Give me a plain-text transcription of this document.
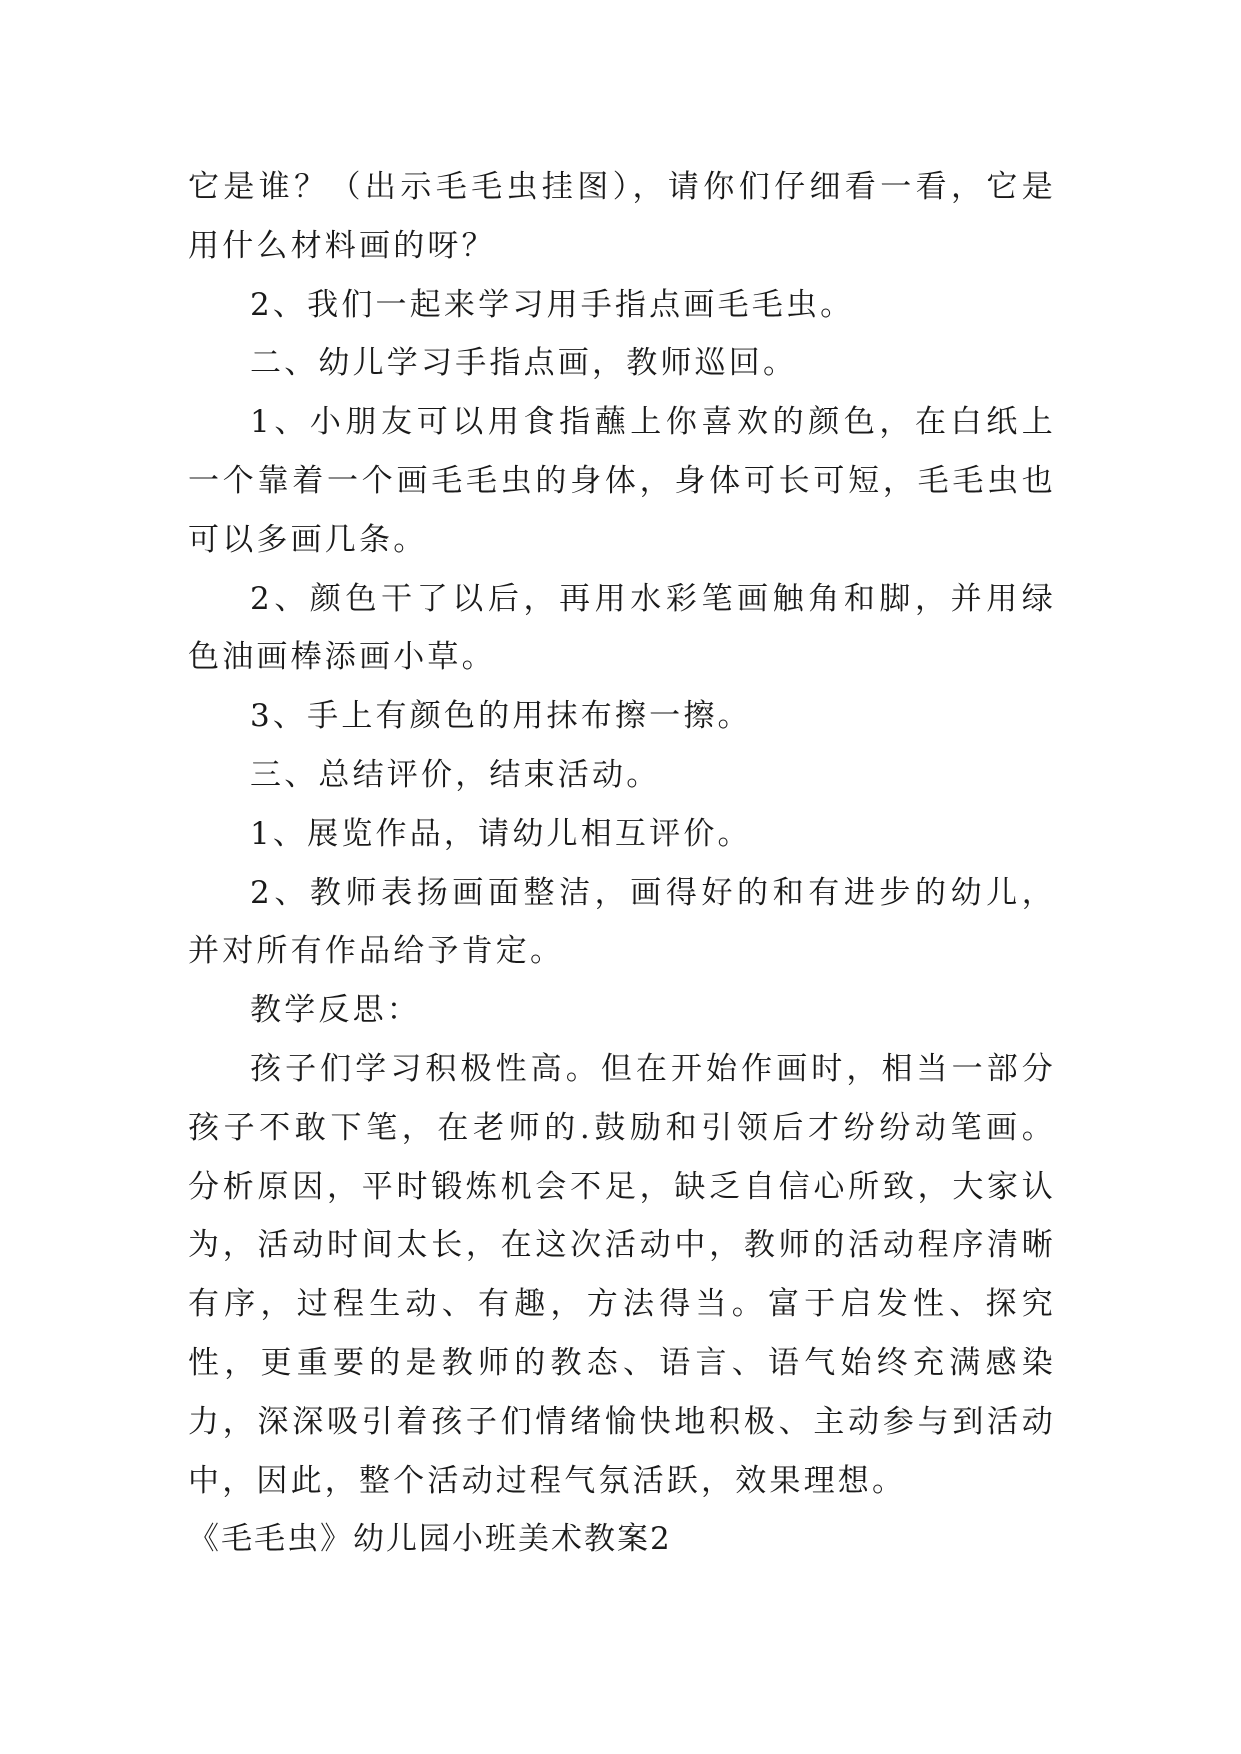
它是谁？（出示毛毛虫挂图），请你们仔细看一看，它是用什么材料画的呀？

2、我们一起来学习用手指点画毛毛虫。

二、幼儿学习手指点画，教师巡回。

1、小朋友可以用食指蘸上你喜欢的颜色，在白纸上一个靠着一个画毛毛虫的身体，身体可长可短，毛毛虫也可以多画几条。

2、颜色干了以后，再用水彩笔画触角和脚，并用绿色油画棒添画小草。

3、手上有颜色的用抹布擦一擦。

三、总结评价，结束活动。

1、展览作品，请幼儿相互评价。

2、教师表扬画面整洁，画得好的和有进步的幼儿，并对所有作品给予肯定。

教学反思：

孩子们学习积极性高。但在开始作画时，相当一部分孩子不敢下笔，在老师的.鼓励和引领后才纷纷动笔画。分析原因，平时锻炼机会不足，缺乏自信心所致，大家认为，活动时间太长，在这次活动中，教师的活动程序清晰有序，过程生动、有趣，方法得当。富于启发性、探究性，更重要的是教师的教态、语言、语气始终充满感染力，深深吸引着孩子们情绪愉快地积极、主动参与到活动中，因此，整个活动过程气氛活跃，效果理想。

《毛毛虫》幼儿园小班美术教案2
